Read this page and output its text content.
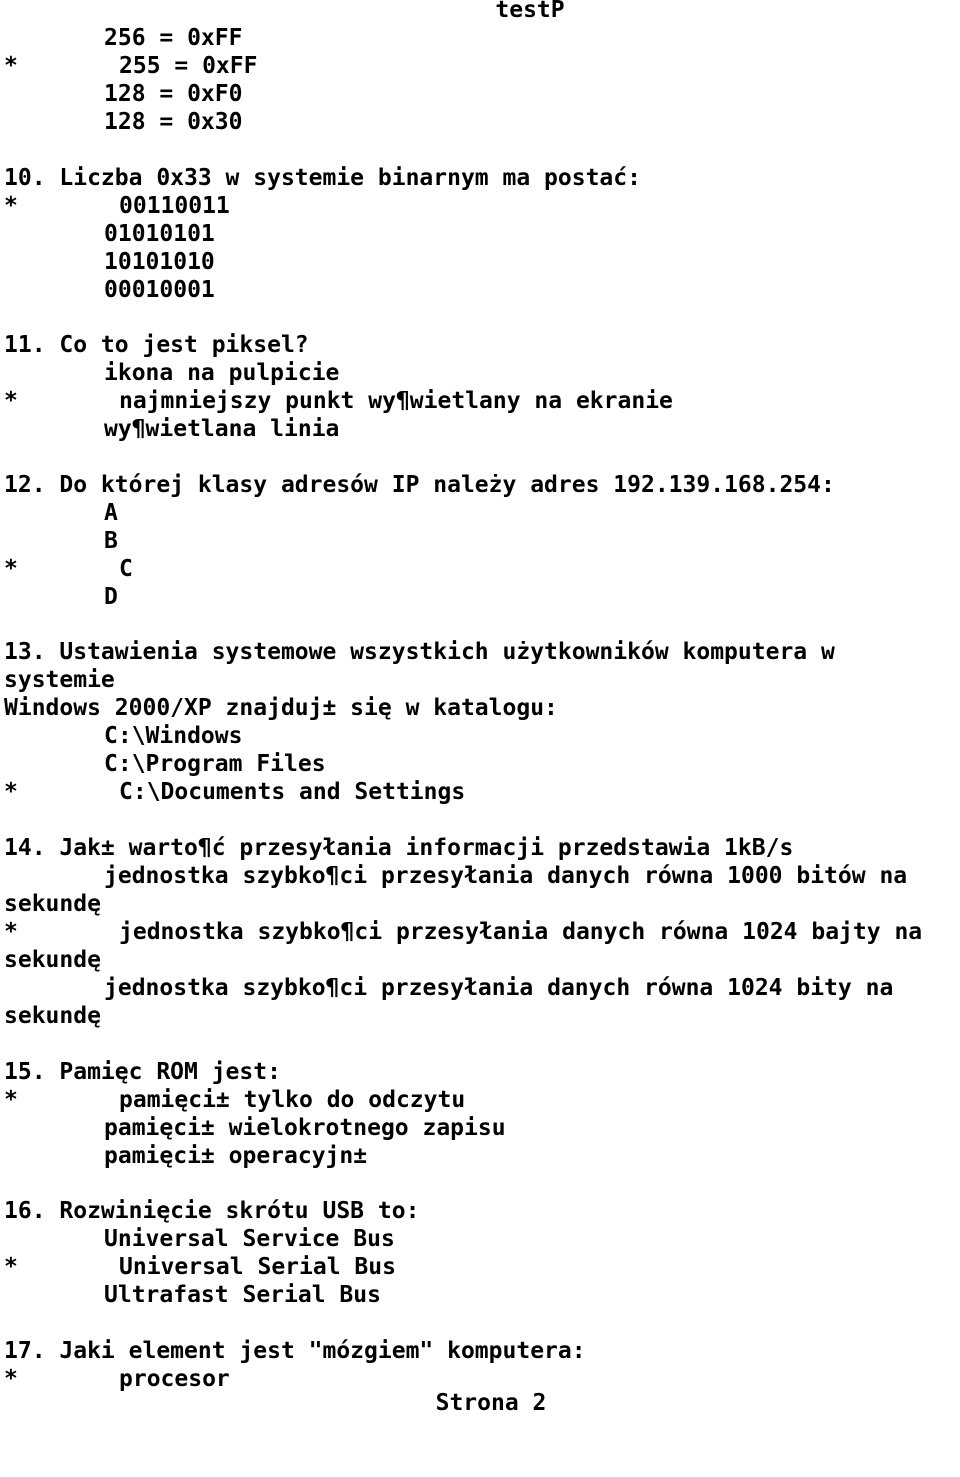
testP

256 = 0xFF

*

	255 = 0xFF

128 = 0xF0

128 = 0x30

10. Liczba 0x33 w systemie binarnym ma postać:

*

	00110011

01010101

10101010

00010001

11. Co to jest piksel?

ikona na pulpicie

*

	najmniejszy punkt wy¶wietlany na ekranie

wy¶wietlana linia

12. Do której klasy adresów IP należy adres 192.139.168.254:

A

B

*

	C

D

13. Ustawienia systemowe wszystkich użytkowników komputera w

systemie

Windows 2000/XP znajduj± się w katalogu:

C:\Windows

C:\Program Files

*

	C:\Documents and Settings

14. Jak± warto¶ć przesyłania informacji przedstawia 1kB/s

jednostka szybko¶ci przesyłania danych równa 1000 bitów na

sekundę

*

	jednostka szybko¶ci przesyłania danych równa 1024 bajty na

sekundę

jednostka szybko¶ci przesyłania danych równa 1024 bity na

sekundę

15. Pamięc ROM jest:

*

	pamięci± tylko do odczytu

pamięci± wielokrotnego zapisu

pamięci± operacyjn±

16. Rozwinięcie skrótu USB to:

Universal Service Bus

*

	Universal Serial Bus

Ultrafast Serial Bus

17. Jaki element jest "mózgiem" komputera:

*

	procesor

Strona 2
